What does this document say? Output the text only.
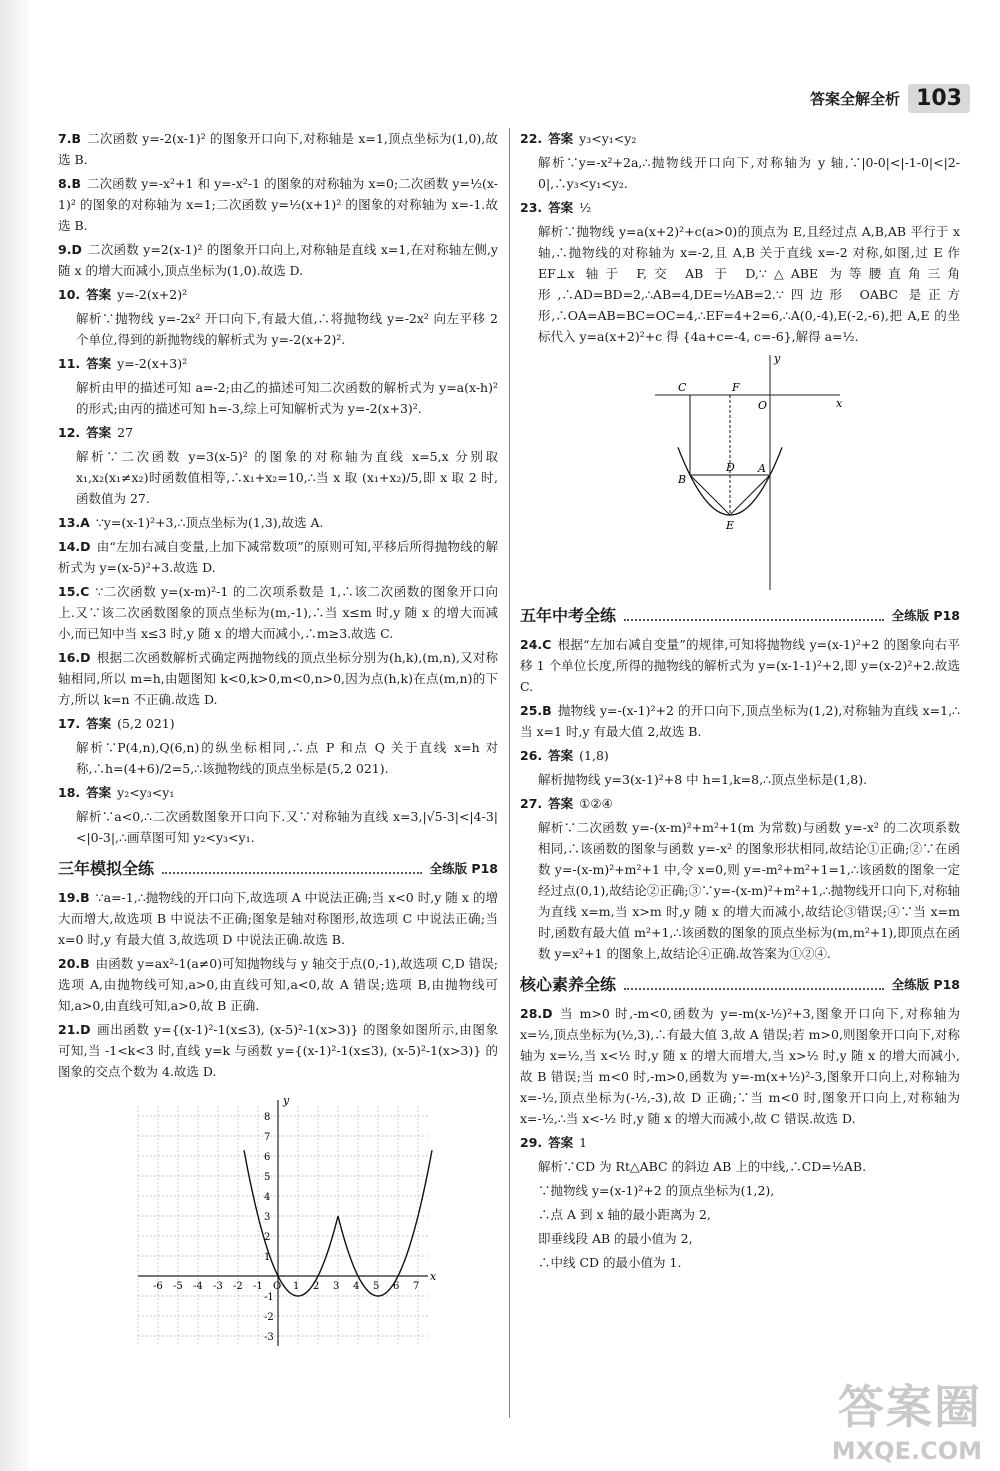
答案全解全析 103
7.B 二次函数 y=-2(x-1)² 的图象开口向下,对称轴是 x=1,顶点坐标为(1,0),故选 B.
8.B 二次函数 y=-x²+1 和 y=-x²-1 的图象的对称轴为 x=0;二次函数 y=½(x-1)² 的图象的对称轴为 x=1;二次函数 y=½(x+1)² 的图象的对称轴为 x=-1.故选 B.
9.D 二次函数 y=2(x-1)² 的图象开口向上,对称轴是直线 x=1,在对称轴左侧,y 随 x 的增大而减小,顶点坐标为(1,0).故选 D.
10. 答案 y=-2(x+2)²
解析∵抛物线 y=-2x² 开口向下,有最大值,∴将抛物线 y=-2x² 向左平移 2 个单位,得到的新抛物线的解析式为 y=-2(x+2)².
11. 答案 y=-2(x+3)²
解析由甲的描述可知 a=-2;由乙的描述可知二次函数的解析式为 y=a(x-h)² 的形式;由丙的描述可知 h=-3,综上可知解析式为 y=-2(x+3)².
12. 答案 27
解析∵二次函数 y=3(x-5)² 的图象的对称轴为直线 x=5,x 分别取 x₁,x₂(x₁≠x₂)时函数值相等,∴x₁+x₂=10,∴当 x 取 (x₁+x₂)/5,即 x 取 2 时,函数值为 27.
13.A ∵y=(x-1)²+3,∴顶点坐标为(1,3),故选 A.
14.D 由“左加右减自变量,上加下减常数项”的原则可知,平移后所得抛物线的解析式为 y=(x-5)²+3.故选 D.
15.C ∵二次函数 y=(x-m)²-1 的二次项系数是 1,∴该二次函数的图象开口向上.又∵该二次函数图象的顶点坐标为(m,-1),∴当 x≤m 时,y 随 x 的增大而减小,而已知中当 x≤3 时,y 随 x 的增大而减小,∴m≥3.故选 C.
16.D 根据二次函数解析式确定两抛物线的顶点坐标分别为(h,k),(m,n),又对称轴相同,所以 m=h,由题图知 k<0,k>0,m<0,n>0,因为点(h,k)在点(m,n)的下方,所以 k=n 不正确.故选 D.
17. 答案 (5,2 021)
解析∵P(4,n),Q(6,n)的纵坐标相同,∴点 P 和点 Q 关于直线 x=h 对称,∴h=(4+6)/2=5,∴该抛物线的顶点坐标是(5,2 021).
18. 答案 y₂<y₃<y₁
解析∵a<0,∴二次函数图象开口向下.又∵对称轴为直线 x=3,|√5-3|<|4-3|<|0-3|,∴画草图可知 y₂<y₃<y₁.
三年模拟全练	全练版 P18
19.B ∵a=-1,∴抛物线的开口向下,故选项 A 中说法正确;当 x<0 时,y 随 x 的增大而增大,故选项 B 中说法不正确;图象是轴对称图形,故选项 C 中说法正确;当 x=0 时,y 有最大值 3,故选项 D 中说法正确.故选 B.
20.B 由函数 y=ax²-1(a≠0)可知抛物线与 y 轴交于点(0,-1),故选项 C,D 错误;选项 A,由抛物线可知,a>0,由直线可知,a<0,故 A 错误;选项 B,由抛物线可知,a>0,由直线可知,a>0,故 B 正确.
21.D 画出函数 y={(x-1)²-1(x≤3), (x-5)²-1(x>3)} 的图象如图所示,由图象可知,当 -1<k<3 时,直线 y=k 与函数 y={(x-1)²-1(x≤3), (x-5)²-1(x>3)} 的图象的交点个数为 4.故选 D.
x
y
-6 -5 -4 -3 -2 -1 O 1 2 3 4 5 6 7
8
7
6
5
4
3
2
1
-1
-2
-3
22. 答案 y₃<y₁<y₂
解析∵y=-x²+2a,∴抛物线开口向下,对称轴为 y 轴,∵|0-0|<|-1-0|<|2-0|,∴y₃<y₁<y₂.
23. 答案 ½
解析∵抛物线 y=a(x+2)²+c(a>0)的顶点为 E,且经过点 A,B,AB 平行于 x 轴,∴抛物线的对称轴为 x=-2,且 A,B 关于直线 x=-2 对称,如图,过 E 作 EF⊥x 轴于 F,交 AB 于 D,∵△ABE 为等腰直角三角形,∴AD=BD=2,∴AB=4,DE=½AB=2.∵四边形 OABC 是正方形,∴OA=AB=BC=OC=4,∴EF=4+2=6,∴A(0,-4),E(-2,-6),把 A,E 的坐标代入 y=a(x+2)²+c 得 {4a+c=-4, c=-6},解得 a=½.
C	F
O	x
y
D A
B
E
五年中考全练	全练版 P18
24.C 根据“左加右减自变量”的规律,可知将抛物线 y=(x-1)²+2 的图象向右平移 1 个单位长度,所得的抛物线的解析式为 y=(x-1-1)²+2,即 y=(x-2)²+2.故选 C.
25.B 抛物线 y=-(x-1)²+2 的开口向下,顶点坐标为(1,2),对称轴为直线 x=1,∴当 x=1 时,y 有最大值 2,故选 B.
26. 答案 (1,8)
解析抛物线 y=3(x-1)²+8 中 h=1,k=8,∴顶点坐标是(1,8).
27. 答案 ①②④
解析∵二次函数 y=-(x-m)²+m²+1(m 为常数)与函数 y=-x² 的二次项系数相同,∴该函数的图象与函数 y=-x² 的图象形状相同,故结论①正确;②∵在函数 y=-(x-m)²+m²+1 中,令 x=0,则 y=-m²+m²+1=1,∴该函数的图象一定经过点(0,1),故结论②正确;③∵y=-(x-m)²+m²+1,∴抛物线开口向下,对称轴为直线 x=m,当 x>m 时,y 随 x 的增大而减小,故结论③错误;④∵当 x=m 时,函数有最大值 m²+1,∴该函数的图象的顶点坐标为(m,m²+1),即顶点在函数 y=x²+1 的图象上,故结论④正确.故答案为①②④.
核心素养全练	全练版 P18
28.D 当 m>0 时,-m<0,函数为 y=-m(x-½)²+3,图象开口向下,对称轴为 x=½,顶点坐标为(½,3),∴有最大值 3,故 A 错误;若 m>0,则图象开口向下,对称轴为 x=½,当 x<½ 时,y 随 x 的增大而增大,当 x>½ 时,y 随 x 的增大而减小,故 B 错误;当 m<0 时,-m>0,函数为 y=-m(x+½)²-3,图象开口向上,对称轴为 x=-½,顶点坐标为(-½,-3),故 D 正确;∵当 m<0 时,图象开口向上,对称轴为 x=-½,∴当 x<-½ 时,y 随 x 的增大而减小,故 C 错误.故选 D.
29. 答案 1
解析∵CD 为 Rt△ABC 的斜边 AB 上的中线,∴CD=½AB.
∵抛物线 y=(x-1)²+2 的顶点坐标为(1,2),
∴点 A 到 x 轴的最小距离为 2,
即垂线段 AB 的最小值为 2,
∴中线 CD 的最小值为 1.
答案圈
MXQE.COM
